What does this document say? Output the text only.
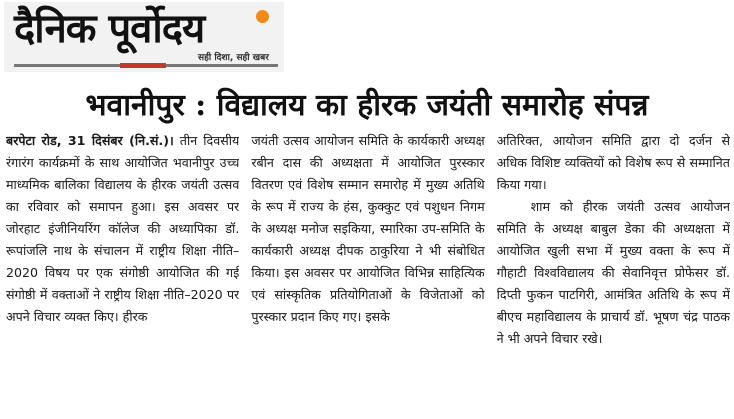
दैनिक पूर्वोदय
सही दिशा, सही खबर
भवानीपुर : विद्यालय का हीरक जयंती समारोह संपन्न

बरपेटा रोड, 31 दिसंबर (नि.सं.)। तीन दिवसीय रंगारंग कार्यक्रमों के साथ आयोजित भवानीपुर उच्च माध्यमिक बालिका विद्यालय के हीरक जयंती उत्सव का रविवार को समापन हुआ। इस अवसर पर जोरहाट इंजीनियरिंग कॉलेज की अध्यापिका डॉ. रूपांजलि नाथ के संचालन में राष्ट्रीय शिक्षा नीति–2020 विषय पर एक संगोष्ठी आयोजित की गई संगोष्ठी में वक्ताओं ने राष्ट्रीय शिक्षा नीति–2020 पर अपने विचार व्यक्त किए। हीरक

जयंती उत्सव आयोजन समिति के कार्यकारी अध्यक्ष रबीन दास की अध्यक्षता में आयोजित पुरस्कार वितरण एवं विशेष सम्मान समारोह में मुख्य अतिथि के रूप में राज्य के हंस, कुक्कुट एवं पशुधन निगम के अध्यक्ष मनोज सइकिया, स्मारिका उप-समिति के कार्यकारी अध्यक्ष दीपक ठाकुरिया ने भी संबोधित किया। इस अवसर पर आयोजित विभिन्न साहित्यिक एवं सांस्कृतिक प्रतियोगिताओं के विजेताओं को पुरस्कार प्रदान किए गए। इसके

अतिरिक्त, आयोजन समिति द्वारा दो दर्जन से अधिक विशिष्ट व्यक्तियों को विशेष रूप से सम्मानित किया गया।

शाम को हीरक जयंती उत्सव आयोजन समिति के अध्यक्ष बाबुल डेका की अध्यक्षता में आयोजित खुली सभा में मुख्य वक्ता के रूप में गौहाटी विश्वविद्यालय की सेवानिवृत्त प्रोफेसर डॉ. दिप्ती फुकन पाटगिरी, आमंत्रित अतिथि के रूप में बीएच महाविद्यालय के प्राचार्य डॉ. भूषण चंद्र पाठक ने भी अपने विचार रखे।
